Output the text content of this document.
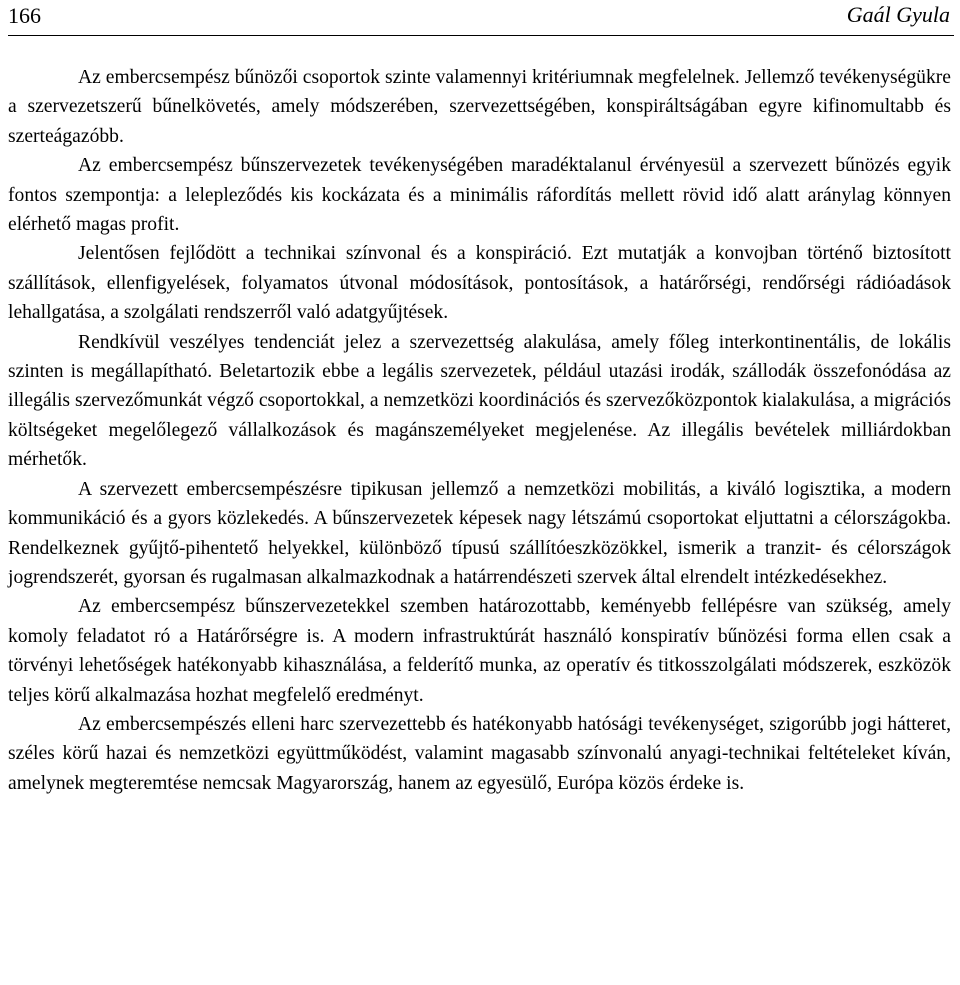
166	Gaál Gyula

Az embercsempész bűnözői csoportok szinte valamennyi kritériumnak megfelelnek. Jellemző tevékenységükre a szervezetszerű bűnelkövetés, amely módszerében, szervezettségében, konspiráltságában egyre kifinomultabb és szerteágazóbb.

Az embercsempész bűnszervezetek tevékenységében maradéktalanul érvényesül a szervezett bűnözés egyik fontos szempontja: a lelepleződés kis kockázata és a minimális ráfordítás mellett rövid idő alatt aránylag könnyen elérhető magas profit.

Jelentősen fejlődött a technikai színvonal és a konspiráció. Ezt mutatják a konvojban történő biztosított szállítások, ellenfigyelések, folyamatos útvonal módosítások, pontosítások, a határőrségi, rendőrségi rádióadások lehallgatása, a szolgálati rendszerről való adatgyűjtések.

Rendkívül veszélyes tendenciát jelez a szervezettség alakulása, amely főleg interkontinentális, de lokális szinten is megállapítható. Beletartozik ebbe a legális szervezetek, például utazási irodák, szállodák összefonódása az illegális szervezőmunkát végző csoportokkal, a nemzetközi koordinációs és szervezőközpontok kialakulása, a migrációs költségeket megelőlegező vállalkozások és magánszemélyeket megjelenése. Az illegális bevételek milliárdokban mérhetők.

A szervezett embercsempészésre tipikusan jellemző a nemzetközi mobilitás, a kiváló logisztika, a modern kommunikáció és a gyors közlekedés. A bűnszervezetek képesek nagy létszámú csoportokat eljuttatni a célországokba. Rendelkeznek gyűjtő-pihentető helyekkel, különböző típusú szállítóeszközökkel, ismerik a tranzit- és célországok jogrendszerét, gyorsan és rugalmasan alkalmazkodnak a határrendészeti szervek által elrendelt intézkedésekhez.

Az embercsempész bűnszervezetekkel szemben határozottabb, keményebb fellépésre van szükség, amely komoly feladatot ró a Határőrségre is. A modern infrastruktúrát használó konspiratív bűnözési forma ellen csak a törvényi lehetőségek hatékonyabb kihasználása, a felderítő munka, az operatív és titkosszolgálati módszerek, eszközök teljes körű alkalmazása hozhat megfelelő eredményt.

Az embercsempészés elleni harc szervezettebb és hatékonyabb hatósági tevékenységet, szigorúbb jogi hátteret, széles körű hazai és nemzetközi együttműködést, valamint magasabb színvonalú anyagi-technikai feltételeket kíván, amelynek megteremtése nemcsak Magyarország, hanem az egyesülő, Európa közös érdeke is.
